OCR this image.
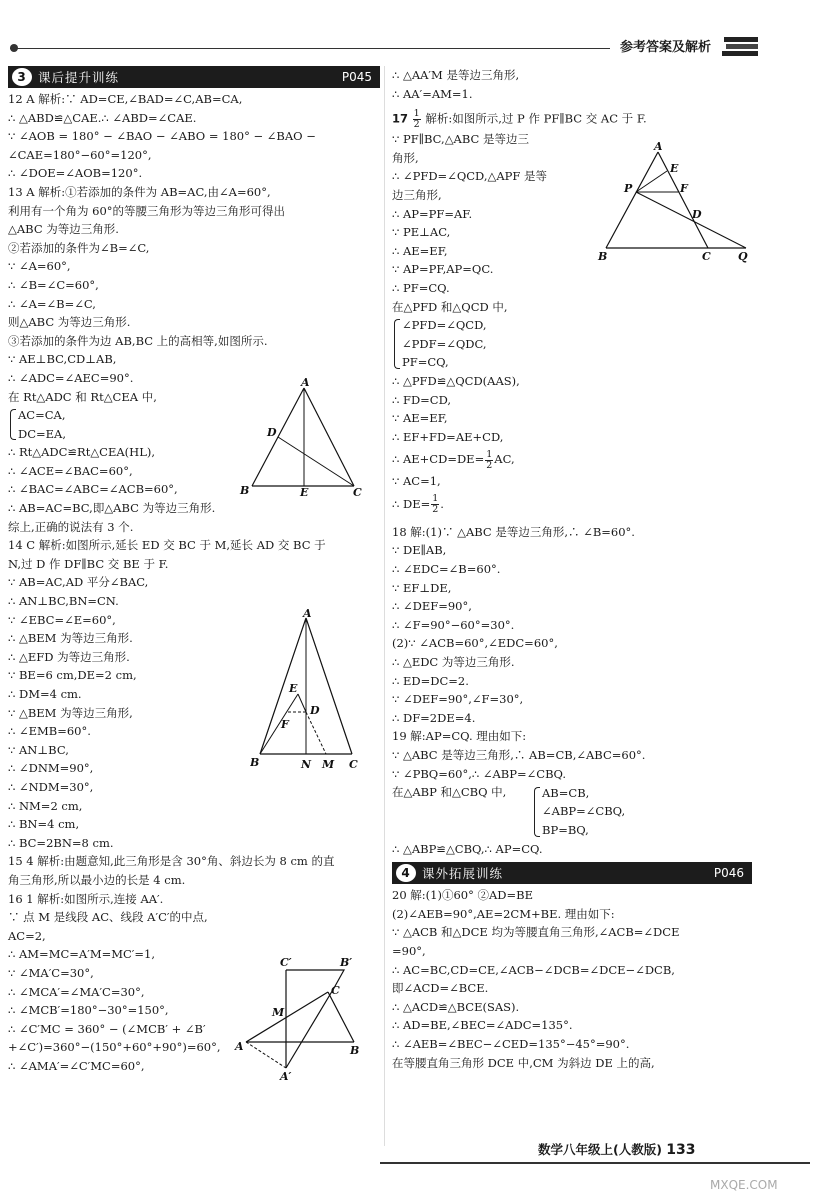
参考答案及解析
3 课后提升训练	P045
12 A 解析:∵ AD=CE,∠BAD=∠C,AB=CA,
∴ △ABD≌△CAE.∴ ∠ABD=∠CAE.
∵ ∠AOB = 180° − ∠BAO − ∠ABO = 180° − ∠BAO −
∠CAE=180°−60°=120°,
∴ ∠DOE=∠AOB=120°.
13 A 解析:①若添加的条件为 AB=AC,由∠A=60°,
利用有一个角为 60°的等腰三角形为等边三角形可得出
△ABC 为等边三角形.
②若添加的条件为∠B=∠C,
∵ ∠A=60°,
∴ ∠B=∠C=60°,
∴ ∠A=∠B=∠C,
则△ABC 为等边三角形.
③若添加的条件为边 AB,BC 上的高相等,如图所示.
∵ AE⊥BC,CD⊥AB,
∴ ∠ADC=∠AEC=90°.
在 Rt△ADC 和 Rt△CEA 中,
AC=CA,
DC=EA,
∴ Rt△ADC≌Rt△CEA(HL),
∴ ∠ACE=∠BAC=60°,
∴ ∠BAC=∠ABC=∠ACB=60°,
∴ AB=AC=BC,即△ABC 为等边三角形.
综上,正确的说法有 3 个.
14 C 解析:如图所示,延长 ED 交 BC 于 M,延长 AD 交 BC 于
N,过 D 作 DF∥BC 交 BE 于 F.
∵ AB=AC,AD 平分∠BAC,
∴ AN⊥BC,BN=CN.
∵ ∠EBC=∠E=60°,
∴ △BEM 为等边三角形.
∴ △EFD 为等边三角形.
∵ BE=6 cm,DE=2 cm,
∴ DM=4 cm.
∵ △BEM 为等边三角形,
∴ ∠EMB=60°.
∵ AN⊥BC,
∴ ∠DNM=90°,
∴ ∠NDM=30°,
∴ NM=2 cm,
∴ BN=4 cm,
∴ BC=2BN=8 cm.
15 4 解析:由题意知,此三角形是含 30°角、斜边长为 8 cm 的直
角三角形,所以最小边的长是 4 cm.
16 1 解析:如图所示,连接 AA′.
∵ 点 M 是线段 AC、线段 A′C′的中点,
AC=2,
∴ AM=MC=A′M=MC′=1,
∵ ∠MA′C=30°,
∴ ∠MCA′=∠MA′C=30°,
∴ ∠MCB′=180°−30°=150°,
∴ ∠C′MC = 360° − (∠MCB′ + ∠B′
+∠C′)=360°−(150°+60°+90°)=60°,
∴ ∠AMA′=∠C′MC=60°,
A
B	C
D
E
A
B
E
D
F
N M C
C′	B′
C
M
A	B
A′
∴ △AA′M 是等边三角形,
∴ AA′=AM=1.
$17 \frac{1}{2}$ 解析:如图所示,过 P 作 PF∥BC 交 AC 于 F.
∵ PF∥BC,△ABC 是等边三
角形,
∴ ∠PFD=∠QCD,△APF 是等
边三角形,
∴ AP=PF=AF.
∵ PE⊥AC,
∴ AE=EF,
∵ AP=PF,AP=QC.
∴ PF=CQ.
在△PFD 和△QCD 中,
∠PFD=∠QCD,
∠PDF=∠QDC,
PF=CQ,
∴ △PFD≌△QCD(AAS),
∴ FD=CD,
∵ AE=EF,
∴ EF+FD=AE+CD,
∴ $AE+CD=DE= \frac{1}{2}$ AC,
∵ AC=1,
∴ $DE= \frac{1}{2}$ .
18 解:(1)∵ △ABC 是等边三角形,∴ ∠B=60°.
∵ DE∥AB,
∴ ∠EDC=∠B=60°.
∵ EF⊥DE,
∴ ∠DEF=90°,
∴ ∠F=90°−60°=30°.
(2)∵ ∠ACB=60°,∠EDC=60°,
∴ △EDC 为等边三角形.
∴ ED=DC=2.
∵ ∠DEF=90°,∠F=30°,
∴ DF=2DE=4.
19 解:AP=CQ. 理由如下:
∵ △ABC 是等边三角形,∴ AB=CB,∠ABC=60°.
∵ ∠PBQ=60°,∴ ∠ABP=∠CBQ.
在△ABP 和△CBQ 中,	AB=CB,
∠ABP=∠CBQ,
BP=BQ,
∴ △ABP≌△CBQ,∴ AP=CQ.
4 课外拓展训练	P046
20 解:(1)①60° ②AD=BE
(2)∠AEB=90°,AE=2CM+BE. 理由如下:
∵ △ACB 和△DCE 均为等腰直角三角形,∠ACB=∠DCE
=90°,
∴ AC=BC,CD=CE,∠ACB−∠DCB=∠DCE−∠DCB,
即∠ACD=∠BCE.
∴ △ACD≌△BCE(SAS).
∴ AD=BE,∠BEC=∠ADC=135°.
∴ ∠AEB=∠BEC−∠CED=135°−45°=90°.
在等腰直角三角形 DCE 中,CM 为斜边 DE 上的高,
A
E
P	F
D
B	C Q
数学八年级上(人教版) 133
MXQE.COM
